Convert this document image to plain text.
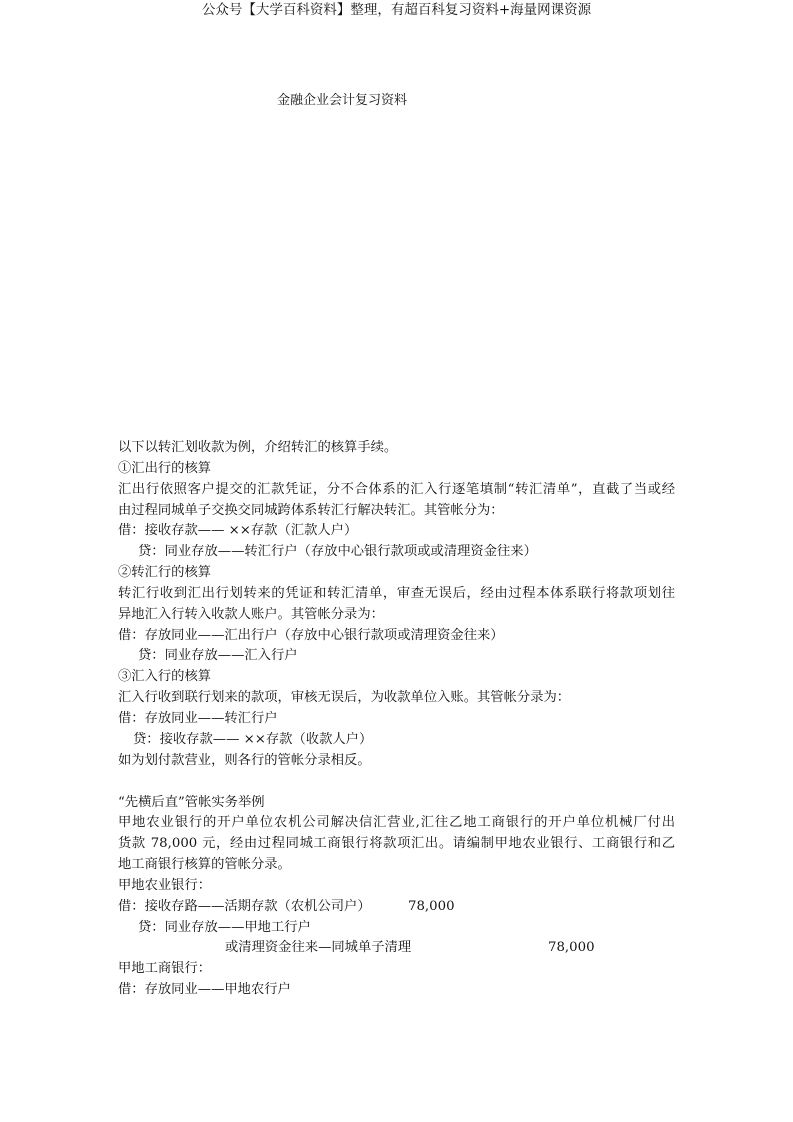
公众号【大学百科资料】整理，有超百科复习资料+海量网课资源
金融企业会计复习资料
以下以转汇划收款为例，介绍转汇的核算手续。
①汇出行的核算
汇出行依照客户提交的汇款凭证，分不合体系的汇入行逐笔填制“转汇清单”，直截了当或经
由过程同城单子交换交同城跨体系转汇行解决转汇。其管帐分为：
借：接收存款—— ××存款（汇款人户）
贷：同业存放——转汇行户（存放中心银行款项或或清理资金往来）
②转汇行的核算
转汇行收到汇出行划转来的凭证和转汇清单，审查无误后，经由过程本体系联行将款项划往
异地汇入行转入收款人账户。其管帐分录为：
借：存放同业——汇出行户（存放中心银行款项或清理资金往来）
贷：同业存放——汇入行户
③汇入行的核算
汇入行收到联行划来的款项，审核无误后，为收款单位入账。其管帐分录为：
借：存放同业——转汇行户
贷：接收存款—— ××存款（收款人户）
如为划付款营业，则各行的管帐分录相反。
“先横后直”管帐实务举例
甲地农业银行的开户单位农机公司解决信汇营业,汇往乙地工商银行的开户单位机械厂付出
货款 78,000 元，经由过程同城工商银行将款项汇出。请编制甲地农业银行、工商银行和乙
地工商银行核算的管帐分录。
甲地农业银行：
借：接收存路——活期存款（农机公司户）	78,000
贷：同业存放——甲地工行户
或清理资金往来—同城单子清理	78,000
甲地工商银行：
借：存放同业——甲地农行户
